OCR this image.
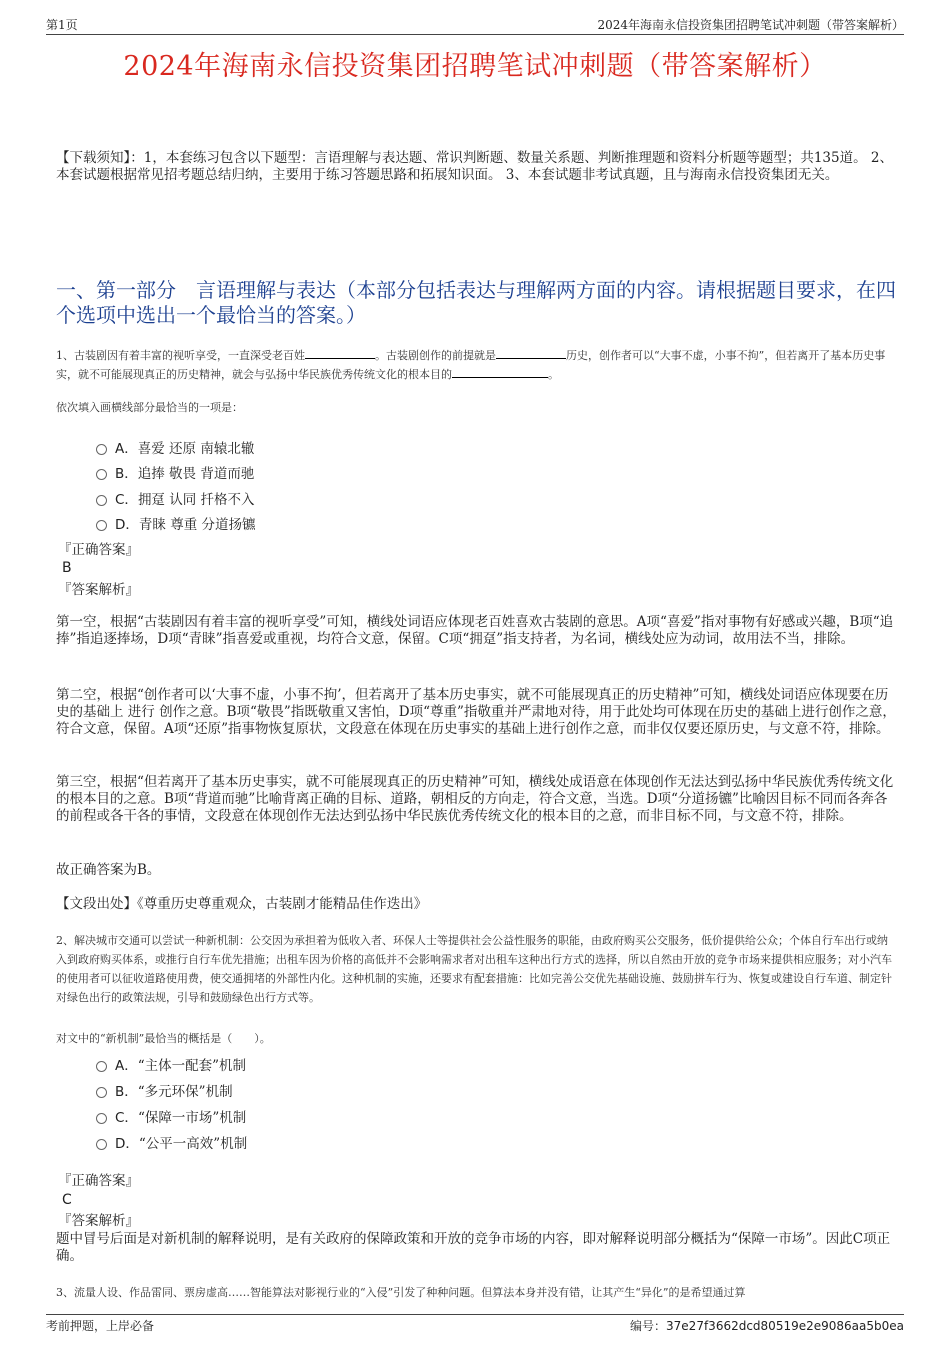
第1页	2024年海南永信投资集团招聘笔试冲刺题（带答案解析）
2024年海南永信投资集团招聘笔试冲刺题（带答案解析）
【下载须知】：1，本套练习包含以下题型：言语理解与表达题、常识判断题、数量关系题、判断推理题和资料分析题等题型；共135道。 2、本套试题根据常见招考题总结归纳，主要用于练习答题思路和拓展知识面。 3、本套试题非考试真题，且与海南永信投资集团无关。
一、第一部分　言语理解与表达（本部分包括表达与理解两方面的内容。请根据题目要求，在四个选项中选出一个最恰当的答案。）
1、古装剧因有着丰富的视听享受，一直深受老百姓	。古装剧创作的前提就是	历史，创作者可以“大事不虚，小事不拘”，但若离开了基本历史事实，就不可能展现真正的历史精神，就会与弘扬中华民族优秀传统文化的根本目的	。
依次填入画横线部分最恰当的一项是：
A．喜爱 还原 南辕北辙
B．追捧 敬畏 背道而驰
C．拥趸 认同 扦格不入
D．青睐 尊重 分道扬镳
『正确答案』
B
『答案解析』
第一空，根据“古装剧因有着丰富的视听享受”可知，横线处词语应体现老百姓喜欢古装剧的意思。A项“喜爱”指对事物有好感或兴趣，B项“追捧”指追逐捧场，D项“青睐”指喜爱或重视，均符合文意，保留。C项“拥趸”指支持者，为名词，横线处应为动词，故用法不当，排除。
第二空，根据“创作者可以‘大事不虚，小事不拘’，但若离开了基本历史事实，就不可能展现真正的历史精神”可知，横线处词语应体现要在历史的基础上 进行 创作之意。B项“敬畏”指既敬重又害怕，D项“尊重”指敬重并严肃地对待，用于此处均可体现在历史的基础上进行创作之意，符合文意，保留。A项“还原”指事物恢复原状，文段意在体现在历史事实的基础上进行创作之意，而非仅仅要还原历史，与文意不符，排除。
第三空，根据“但若离开了基本历史事实，就不可能展现真正的历史精神”可知，横线处成语意在体现创作无法达到弘扬中华民族优秀传统文化的根本目的之意。B项“背道而驰”比喻背离正确的目标、道路，朝相反的方向走，符合文意，当选。D项“分道扬镳”比喻因目标不同而各奔各的前程或各干各的事情，文段意在体现创作无法达到弘扬中华民族优秀传统文化的根本目的之意，而非目标不同，与文意不符，排除。
故正确答案为B。
【文段出处】《尊重历史尊重观众，古装剧才能精品佳作迭出》
2、解决城市交通可以尝试一种新机制：公交因为承担着为低收入者、环保人士等提供社会公益性服务的职能，由政府购买公交服务，低价提供给公众；个体自行车出行或纳入到政府购买体系，或推行自行车优先措施；出租车因为价格的高低并不会影响需求者对出租车这种出行方式的选择，所以自然由开放的竞争市场来提供相应服务；对小汽车的使用者可以征收道路使用费，使交通拥堵的外部性内化。这种机制的实施，还要求有配套措施：比如完善公交优先基础设施、鼓励拼车行为、恢复或建设自行车道、制定针对绿色出行的政策法规，引导和鼓励绿色出行方式等。
对文中的“新机制”最恰当的概括是（　　）。
A．“主体一配套”机制
B．“多元环保”机制
C．“保障一市场”机制
D．“公平一高效”机制
『正确答案』
C
『答案解析』
题中冒号后面是对新机制的解释说明，是有关政府的保障政策和开放的竞争市场的内容，即对解释说明部分概括为“保障一市场”。因此C项正确。
3、流量人设、作品雷同、票房虚高……智能算法对影视行业的“入侵”引发了种种问题。但算法本身并没有错，让其产生“异化”的是希望通过算
考前押题，上岸必备	编号：37e27f3662dcd80519e2e9086aa5b0ea
